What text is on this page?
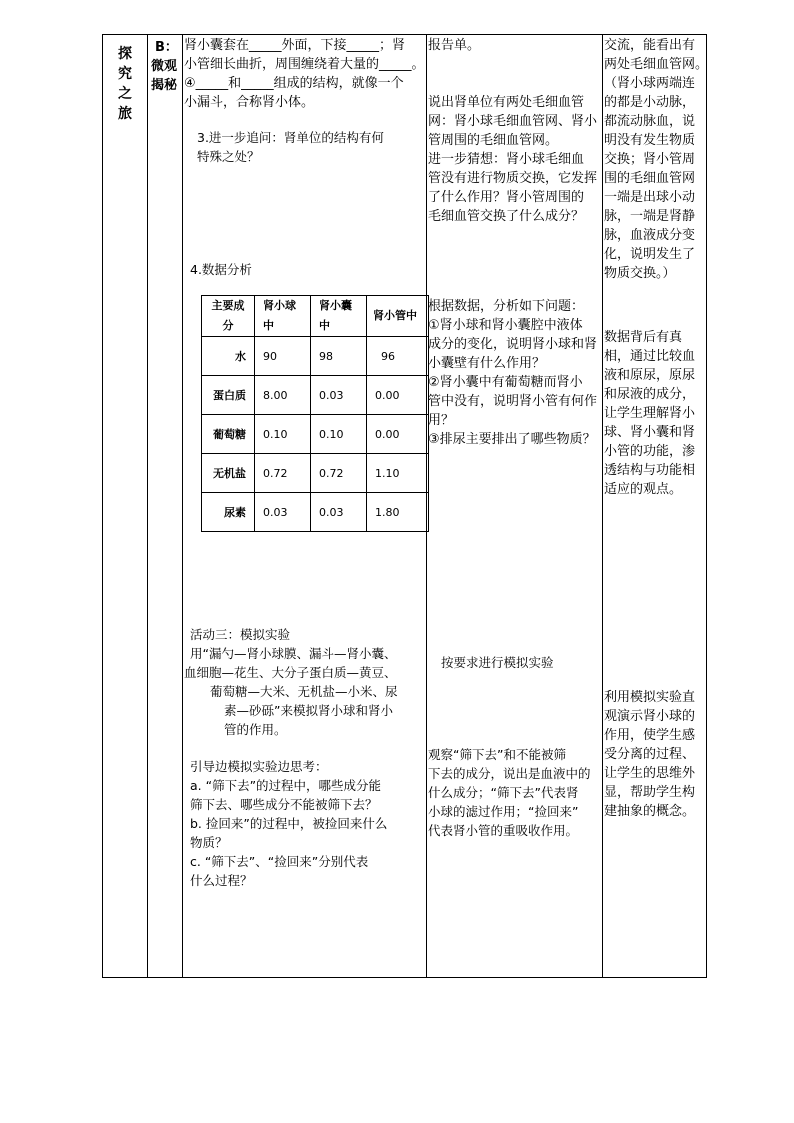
探究之旅

B：

微观

揭秘

肾小囊套在_____外面，下接_____；肾

小管细长曲折，周围缠绕着大量的_____。

④_____和_____组成的结构，就像一个

小漏斗，合称肾小体。

3.进一步追问：肾单位的结构有何

特殊之处？

4.数据分析
主要成分	肾小球中	肾小囊中	肾小管中
水	90	98	96
蛋白质	8.00	0.03	0.00
葡萄糖	0.10	0.10	0.00
无机盐	0.72	0.72	1.10
尿素	0.03	0.03	1.80

活动三：模拟实验

用“漏勺—肾小球膜、漏斗—肾小囊、

血细胞—花生、大分子蛋白质—黄豆、

葡萄糖—大米、无机盐—小米、尿

素—砂砾”来模拟肾小球和肾小

管的作用。

引导边模拟实验边思考：

a. “筛下去”的过程中，哪些成分能

筛下去、哪些成分不能被筛下去？

b. 捡回来”的过程中，被捡回来什么

物质？

c. “筛下去”、“捡回来”分别代表

什么过程？

报告单。

说出肾单位有两处毛细血管

网：肾小球毛细血管网、肾小

管周围的毛细血管网。

进一步猜想：肾小球毛细血

管没有进行物质交换，它发挥

了什么作用？肾小管周围的

毛细血管交换了什么成分？

根据数据，分析如下问题：

①肾小球和肾小囊腔中液体

成分的变化，说明肾小球和肾

小囊壁有什么作用？

②肾小囊中有葡萄糖而肾小

管中没有，说明肾小管有何作

用？

③排尿主要排出了哪些物质？

按要求进行模拟实验

观察“筛下去”和不能被筛

下去的成分，说出是血液中的

什么成分；“筛下去”代表肾

小球的滤过作用；“捡回来”

代表肾小管的重吸收作用。

交流，能看出有

两处毛细血管网。

（肾小球两端连

的都是小动脉，

都流动脉血，说

明没有发生物质

交换；肾小管周

围的毛细血管网

一端是出球小动

脉，一端是肾静

脉，血液成分变

化，说明发生了

物质交换。）

数据背后有真

相，通过比较血

液和原尿，原尿

和尿液的成分，

让学生理解肾小

球、肾小囊和肾

小管的功能，渗

透结构与功能相

适应的观点。

利用模拟实验直

观演示肾小球的

作用，使学生感

受分离的过程、

让学生的思维外

显，帮助学生构

建抽象的概念。
